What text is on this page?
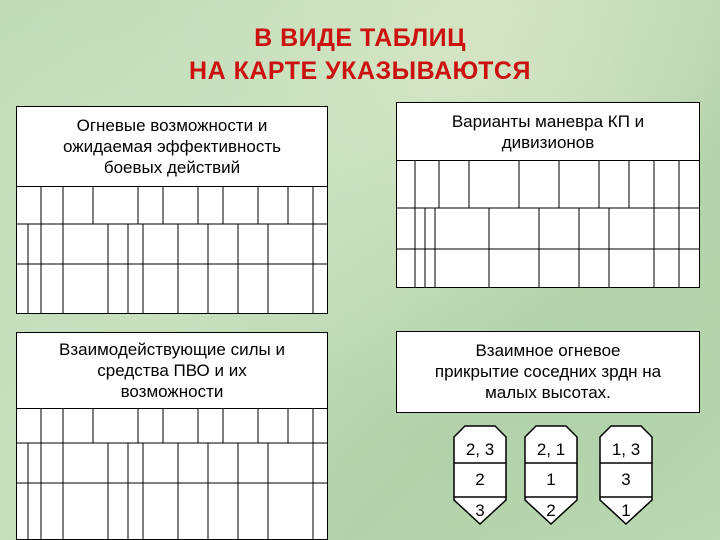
В ВИДЕ ТАБЛИЦ
НА КАРТЕ УКАЗЫВАЮТСЯ
Огневые возможности и
ожидаемая эффективность
боевых действий
Варианты маневра КП и
дивизионов
Взаимодействующие силы и
средства ПВО и их
возможности
Взаимное огневое
прикрытие соседних зрдн на
малых высотах.
2, 3
2
3
2, 1
1
2
1, 3
3
1
